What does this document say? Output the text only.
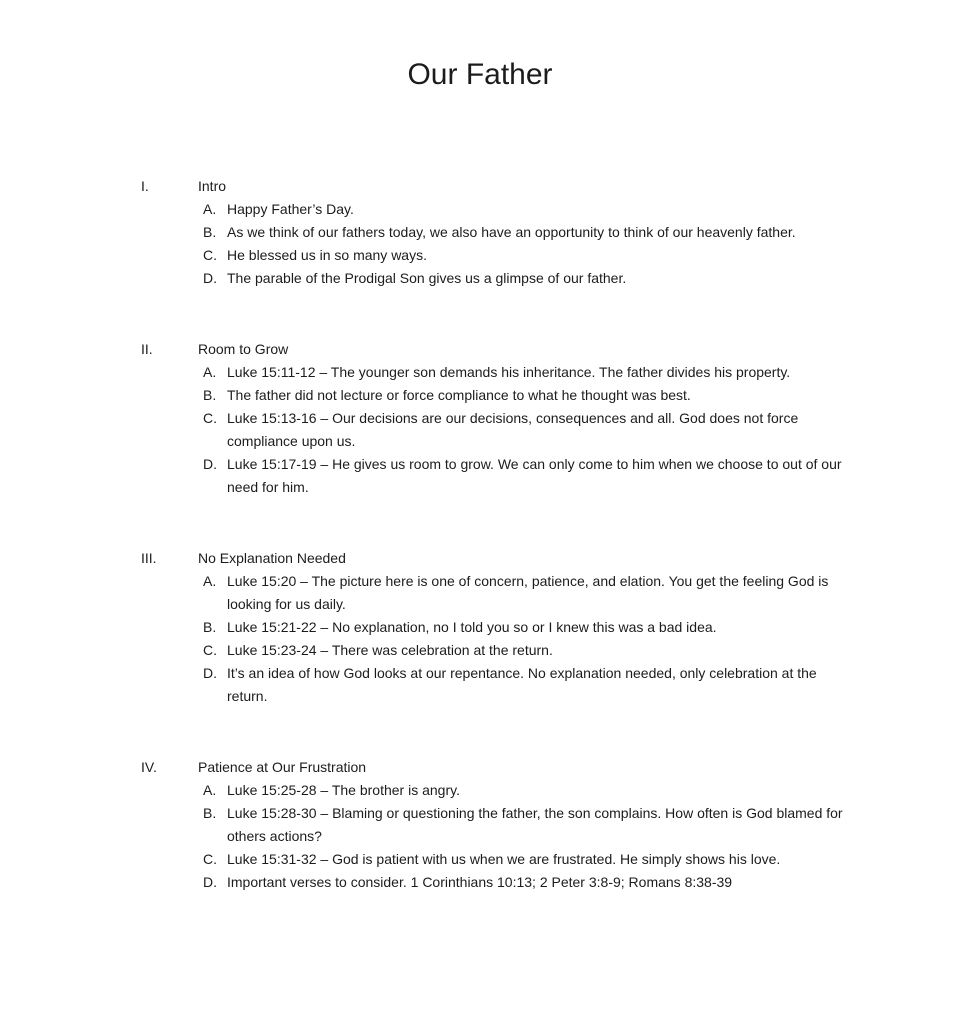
Our Father
I.	Intro
A. Happy Father’s Day.
B. As we think of our fathers today, we also have an opportunity to think of our heavenly father.
C. He blessed us in so many ways.
D. The parable of the Prodigal Son gives us a glimpse of our father.
II.	Room to Grow
A. Luke 15:11-12 – The younger son demands his inheritance. The father divides his property.
B. The father did not lecture or force compliance to what he thought was best.
C. Luke 15:13-16 – Our decisions are our decisions, consequences and all. God does not force compliance upon us.
D. Luke 15:17-19 – He gives us room to grow. We can only come to him when we choose to out of our need for him.
III.	No Explanation Needed
A. Luke 15:20 – The picture here is one of concern, patience, and elation. You get the feeling God is looking for us daily.
B. Luke 15:21-22 – No explanation, no I told you so or I knew this was a bad idea.
C. Luke 15:23-24 – There was celebration at the return.
D. It’s an idea of how God looks at our repentance. No explanation needed, only celebration at the return.
IV.	Patience at Our Frustration
A. Luke 15:25-28 – The brother is angry.
B. Luke 15:28-30 – Blaming or questioning the father, the son complains. How often is God blamed for others actions?
C. Luke 15:31-32 – God is patient with us when we are frustrated. He simply shows his love.
D. Important verses to consider. 1 Corinthians 10:13; 2 Peter 3:8-9; Romans 8:38-39
